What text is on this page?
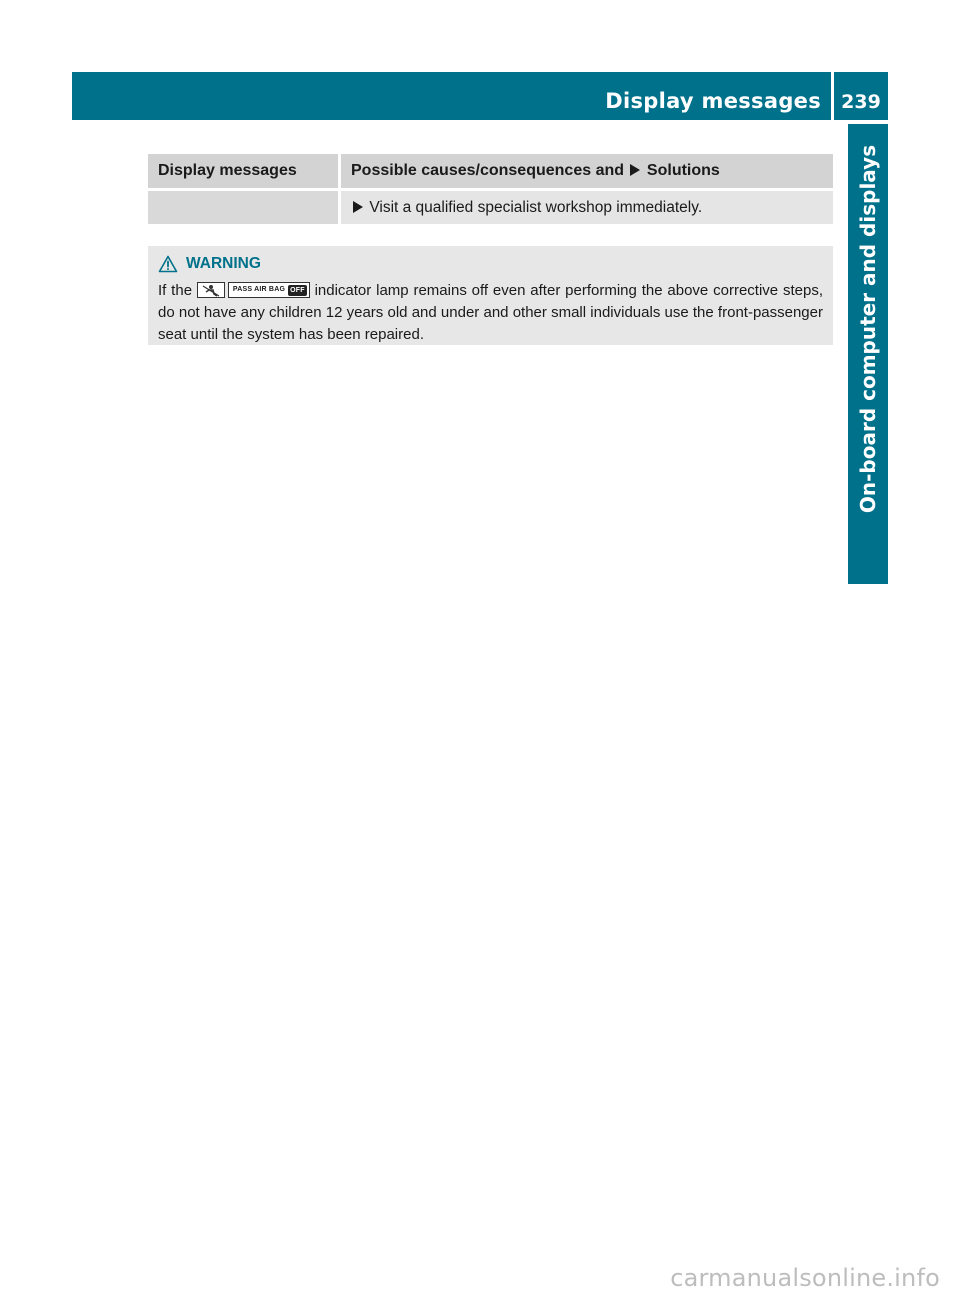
Display messages 239
On-board computer and displays
Display messages	Possible causes/consequences and Solutions
	Visit a qualified specialist workshop immediately.
WARNING
If the	PASS AIR BAG OFF indicator lamp remains off even after performing the above corrective steps, do not have any children 12 years old and under and other small individuals use the front-passenger seat until the system has been repaired.
carmanualsonline.info
